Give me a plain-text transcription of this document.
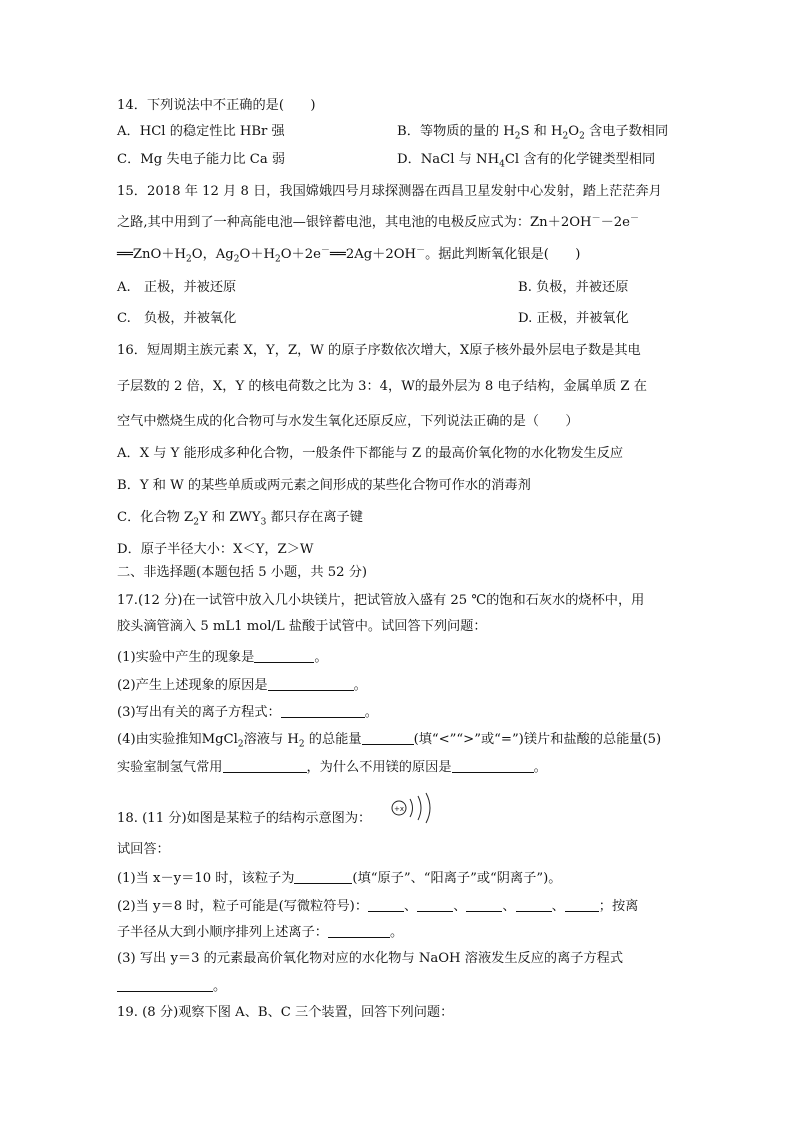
14．下列说法中不正确的是(　　)
A．HCl 的稳定性比 HBr 强	B．等物质的量的 $H_2S$ 和 $H_2O_2$ 含电子数相同
C．Mg 失电子能力比 Ca 弱	D．NaCl 与 $NH_4Cl$ 含有的化学键类型相同
15．2018 年 12 月 8 日，我国嫦娥四号月球探测器在西昌卫星发射中心发射，踏上茫茫奔月
之路,其中用到了一种高能电池—银锌蓄电池，其电池的电极反应式为：Zn＋2OH－－2e－
$══ZnO+H_2O$，$Ag_2O+H_2O+2e^-══2Ag+2OH^-$。据此判断氧化银是(　　)
A.　正极，并被还原	B. 负极，并被还原
C.　负极，并被氧化	D. 正极，并被氧化
16．短周期主族元素 X，Y，Z，W 的原子序数依次增大，X原子核外最外层电子数是其电
子层数的 2 倍，X，Y 的核电荷数之比为 3：4，W的最外层为 8 电子结构，金属单质 Z 在
空气中燃烧生成的化合物可与水发生氧化还原反应，下列说法正确的是（　　）
A．X 与 Y 能形成多种化合物，一般条件下都能与 Z 的最高价氧化物的水化物发生反应
B．Y 和 W 的某些单质或两元素之间形成的某些化合物可作水的消毒剂
C．化合物 $Z_2Y$ 和 $ZWY_3$ 都只存在离子键
D．原子半径大小：X＜Y，Z＞W
二、非选择题(本题包括 5 小题，共 52 分)
17.(12 分)在一试管中放入几小块镁片，把试管放入盛有 25 ℃的饱和石灰水的烧杯中，用
胶头滴管滴入 5 mL1 mol/L 盐酸于试管中。试回答下列问题：
(1)实验中产生的现象是	。
(2)产生上述现象的原因是	。
(3)写出有关的离子方程式：	。
(4)由实验推知MgCl$_2$溶液与 $H_2$ 的总能量	(填“<”“>”或“=”)镁片和盐酸的总能量(5)
实验室制氢气常用	，为什么不用镁的原因是	。
18. (11 分)如图是某粒子的结构示意图为：
+x
试回答：
(1)当 x－y＝10 时，该粒子为	(填“原子”、“阳离子”或“阴离子”)。
(2)当 y＝8 时，粒子可能是(写微粒符号)：	、	、	、	、	；按离
子半径从大到小顺序排列上述离子：	。
(3) 写出 y＝3 的元素最高价氧化物对应的水化物与 NaOH 溶液发生反应的离子方程式
。
19. (8 分)观察下图 A、B、C 三个装置，回答下列问题：
